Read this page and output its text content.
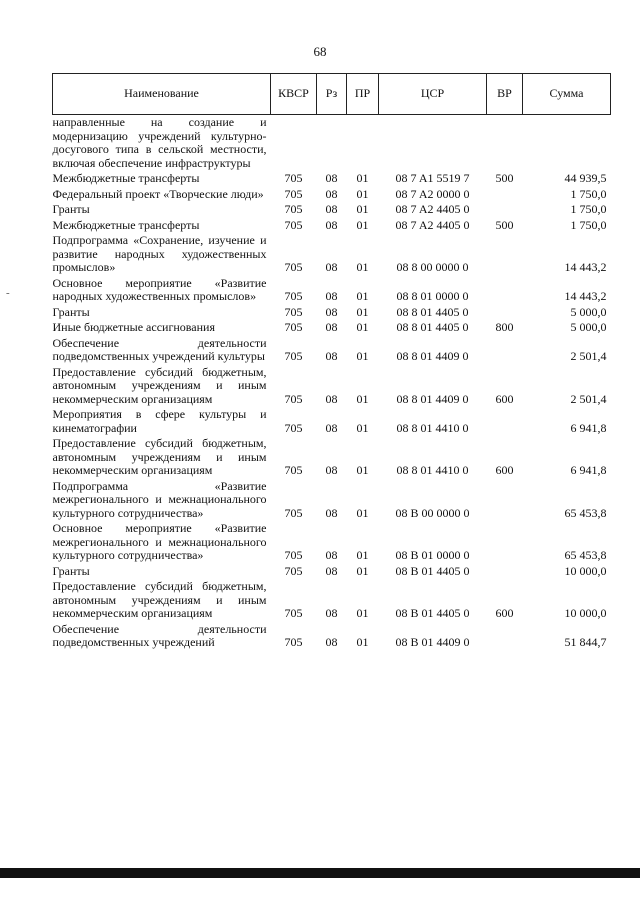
68
-
Наименование	КВСР	Рз	ПР	ЦСР	ВР	Сумма
направленные на создание и модернизацию учреждений культурно-досугового типа в сельской местности, включая обеспечение инфраструктуры						
Межбюджетные трансферты	705	08	01	08 7 A1 5519 7	500	44 939,5
Федеральный проект «Творческие люди»	705	08	01	08 7 A2 0000 0		1 750,0
Гранты	705	08	01	08 7 A2 4405 0		1 750,0
Межбюджетные трансферты	705	08	01	08 7 A2 4405 0	500	1 750,0
Подпрограмма «Сохранение, изучение и развитие народных художественных промыслов»	705	08	01	08 8 00 0000 0		14 443,2
Основное мероприятие «Развитие народных художественных промыслов»	705	08	01	08 8 01 0000 0		14 443,2
Гранты	705	08	01	08 8 01 4405 0		5 000,0
Иные бюджетные ассигнования	705	08	01	08 8 01 4405 0	800	5 000,0
Обеспечение деятельности подведомственных учреждений культуры	705	08	01	08 8 01 4409 0		2 501,4
Предоставление субсидий бюджетным, автономным учреждениям и иным некоммерческим организациям	705	08	01	08 8 01 4409 0	600	2 501,4
Мероприятия в сфере культуры и кинематографии	705	08	01	08 8 01 4410 0		6 941,8
Предоставление субсидий бюджетным, автономным учреждениям и иным некоммерческим организациям	705	08	01	08 8 01 4410 0	600	6 941,8
Подпрограмма «Развитие межрегионального и межнационального культурного сотрудничества»	705	08	01	08 В 00 0000 0		65 453,8
Основное мероприятие «Развитие межрегионального и межнационального культурного сотрудничества»	705	08	01	08 В 01 0000 0		65 453,8
Гранты	705	08	01	08 В 01 4405 0		10 000,0
Предоставление субсидий бюджетным, автономным учреждениям и иным некоммерческим организациям	705	08	01	08 В 01 4405 0	600	10 000,0
Обеспечение деятельности подведомственных учреждений	705	08	01	08 В 01 4409 0		51 844,7
